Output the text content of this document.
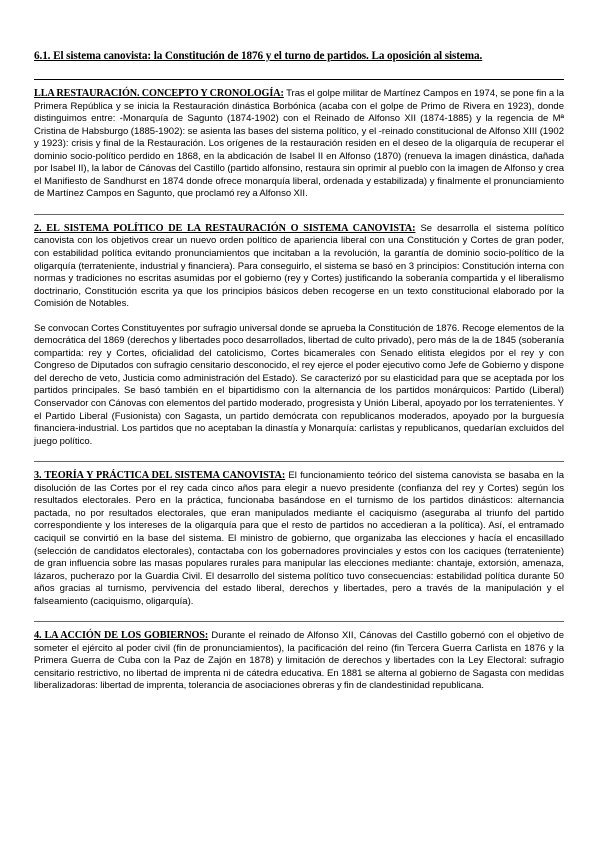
6.1. El sistema canovista: la Constitución de 1876 y el turno de partidos. La oposición al sistema.

LLA RESTAURACIÓN. CONCEPTO Y CRONOLOGÍA: Tras el golpe militar de Martínez Campos en 1974, se pone fin a la Primera República y se inicia la Restauración dinástica Borbónica (acaba con el golpe de Primo de Rivera en 1923), donde distinguimos entre: -Monarquía de Sagunto (1874-1902) con el Reinado de Alfonso XII (1874-1885) y la regencia de Mª Cristina de Habsburgo (1885-1902): se asienta las bases del sistema político, y el -reinado constitucional de Alfonso XIII (1902 y 1923): crisis y final de la Restauración. Los orígenes de la restauración residen en el deseo de la oligarquía de recuperar el dominio socio-político perdido en 1868, en la abdicación de Isabel II en Alfonso (1870) (renueva la imagen dinástica, dañada por Isabel II), la labor de Cánovas del Castillo (partido alfonsino, restaura sin oprimir al pueblo con la imagen de Alfonso y crea el Manifiesto de Sandhurst en 1874 donde ofrece monarquía liberal, ordenada y estabilizada) y finalmente el pronunciamiento de Martínez Campos en Sagunto, que proclamó rey a Alfonso XII.

2. EL SISTEMA POLÍTICO DE LA RESTAURACIÓN O SISTEMA CANOVISTA: Se desarrolla el sistema político canovista con los objetivos crear un nuevo orden político de apariencia liberal con una Constitución y Cortes de gran poder, con estabilidad política evitando pronunciamientos que incitaban a la revolución, la garantía de dominio socio-político de la oligarquía (terrateniente, industrial y financiera). Para conseguirlo, el sistema se basó en 3 principios: Constitución interna con normas y tradiciones no escritas asumidas por el gobierno (rey y Cortes) justificando la soberanía compartida y el liberalismo doctrinario, Constitución escrita ya que los principios básicos deben recogerse en un texto constitucional elaborado por la Comisión de Notables.

Se convocan Cortes Constituyentes por sufragio universal donde se aprueba la Constitución de 1876. Recoge elementos de la democrática del 1869 (derechos y libertades poco desarrollados, libertad de culto privado), pero más de la de 1845 (soberanía compartida: rey y Cortes, oficialidad del catolicismo, Cortes bicamerales con Senado elitista elegidos por el rey y con Congreso de Diputados con sufragio censitario desconocido, el rey ejerce el poder ejecutivo como Jefe de Gobierno y dispone del derecho de veto, Justicia como administración del Estado). Se caracterizó por su elasticidad para que se aceptada por los partidos principales. Se basó también en el bipartidismo con la alternancia de los partidos monárquicos: Partido (Liberal) Conservador con Cánovas con elementos del partido moderado, progresista y Unión Liberal, apoyado por los terratenientes. Y el Partido Liberal (Fusionista) con Sagasta, un partido demócrata con republicanos moderados, apoyado por la burguesía financiera-industrial. Los partidos que no aceptaban la dinastía y Monarquía: carlistas y republicanos, quedarían excluidos del juego político.

3. TEORÍA Y PRÁCTICA DEL SISTEMA CANOVISTA: El funcionamiento teórico del sistema canovista se basaba en la disolución de las Cortes por el rey cada cinco años para elegir a nuevo presidente (confianza del rey y Cortes) según los resultados electorales. Pero en la práctica, funcionaba basándose en el turnismo de los partidos dinásticos: alternancia pactada, no por resultados electorales, que eran manipulados mediante el caciquismo (aseguraba al triunfo del partido correspondiente y los intereses de la oligarquía para que el resto de partidos no accedieran a la política). Así, el entramado caciquil se convirtió en la base del sistema. El ministro de gobierno, que organizaba las elecciones y hacía el encasillado (selección de candidatos electorales), contactaba con los gobernadores provinciales y estos con los caciques (terrateniente) de gran influencia sobre las masas populares rurales para manipular las elecciones mediante: chantaje, extorsión, amenaza, lázaros, pucherazo por la Guardia Civil. El desarrollo del sistema político tuvo consecuencias: estabilidad política durante 50 años gracias al turnismo, pervivencia del estado liberal, derechos y libertades, pero a través de la manipulación y el falseamiento (caciquismo, oligarquía).

4. LA ACCIÓN DE LOS GOBIERNOS: Durante el reinado de Alfonso XII, Cánovas del Castillo gobernó con el objetivo de someter el ejército al poder civil (fin de pronunciamientos), la pacificación del reino (fin Tercera Guerra Carlista en 1876 y la Primera Guerra de Cuba con la Paz de Zajón en 1878) y limitación de derechos y libertades con la Ley Electoral: sufragio censitario restrictivo, no libertad de imprenta ni de cátedra educativa. En 1881 se alterna al gobierno de Sagasta con medidas liberalizadoras: libertad de imprenta, tolerancia de asociaciones obreras y fin de clandestinidad republicana.
